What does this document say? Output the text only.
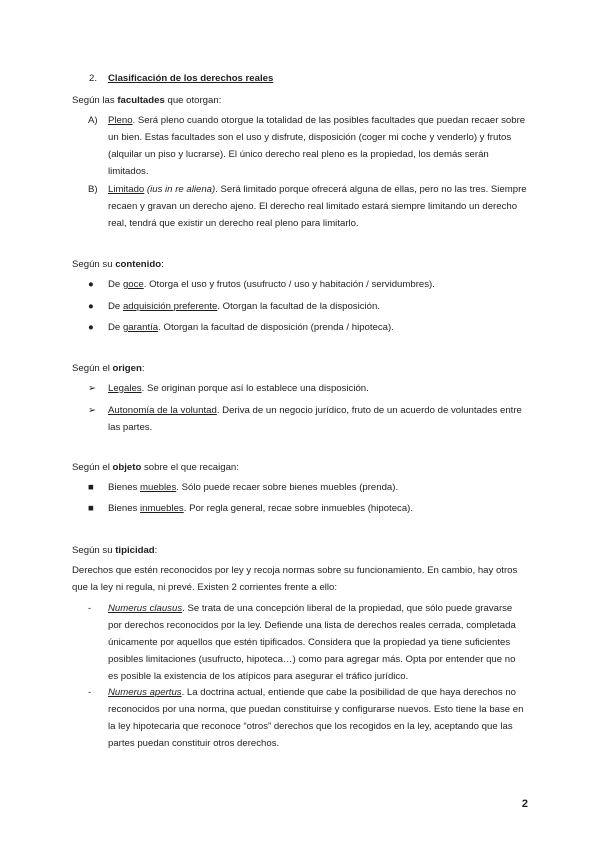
2. Clasificación de los derechos reales
Según las facultades que otorgan:
A) Pleno. Será pleno cuando otorgue la totalidad de las posibles facultades que puedan recaer sobre un bien. Estas facultades son el uso y disfrute, disposición (coger mi coche y venderlo) y frutos (alquilar un piso y lucrarse). El único derecho real pleno es la propiedad, los demás serán limitados.
B) Limitado (ius in re aliena). Será limitado porque ofrecerá alguna de ellas, pero no las tres. Siempre recaen y gravan un derecho ajeno. El derecho real limitado estará siempre limitando un derecho real, tendrá que existir un derecho real pleno para limitarlo.
Según su contenido:
● De goce. Otorga el uso y frutos (usufructo / uso y habitación / servidumbres).
● De adquisición preferente. Otorgan la facultad de la disposición.
● De garantía. Otorgan la facultad de disposición (prenda / hipoteca).
Según el origen:
➢ Legales. Se originan porque así lo establece una disposición.
➢ Autonomía de la voluntad. Deriva de un negocio jurídico, fruto de un acuerdo de voluntades entre las partes.
Según el objeto sobre el que recaigan:
■ Bienes muebles. Sólo puede recaer sobre bienes muebles (prenda).
■ Bienes inmuebles. Por regla general, recae sobre inmuebles (hipoteca).
Según su tipicidad:
Derechos que estén reconocidos por ley y recoja normas sobre su funcionamiento. En cambio, hay otros que la ley ni regula, ni prevé. Existen 2 corrientes frente a ello:
- Numerus clausus. Se trata de una concepción liberal de la propiedad, que sólo puede gravarse por derechos reconocidos por la ley. Defiende una lista de derechos reales cerrada, completada únicamente por aquellos que estén tipificados. Considera que la propiedad ya tiene suficientes posibles limitaciones (usufructo, hipoteca…) como para agregar más. Opta por entender que no es posible la existencia de los atípicos para asegurar el tráfico jurídico.
- Numerus apertus. La doctrina actual, entiende que cabe la posibilidad de que haya derechos no reconocidos por una norma, que puedan constituirse y configurarse nuevos. Esto tiene la base en la ley hipotecaria que reconoce “otros” derechos que los recogidos en la ley, aceptando que las partes puedan constituir otros derechos.
2
